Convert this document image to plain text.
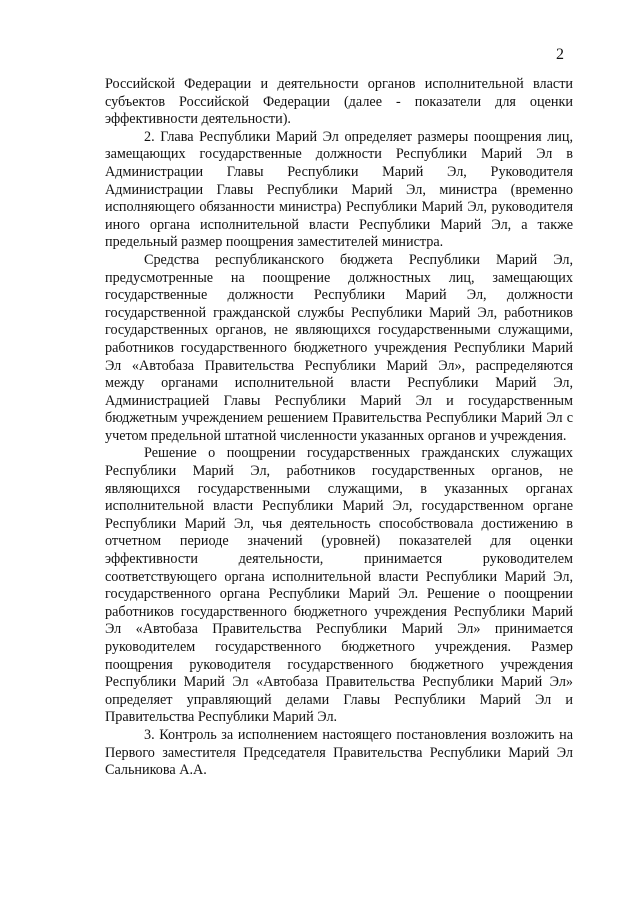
2

Российской Федерации и деятельности органов исполнительной власти субъектов Российской Федерации (далее - показатели для оценки эффективности деятельности).

2. Глава Республики Марий Эл определяет размеры поощрения лиц, замещающих государственные должности Республики Марий Эл в Администрации Главы Республики Марий Эл, Руководителя Администрации Главы Республики Марий Эл, министра (временно исполняющего обязанности министра) Республики Марий Эл, руководителя иного органа исполнительной власти Республики Марий Эл, а также предельный размер поощрения заместителей министра.

Средства республиканского бюджета Республики Марий Эл, предусмотренные на поощрение должностных лиц, замещающих государственные должности Республики Марий Эл, должности государственной гражданской службы Республики Марий Эл, работников государственных органов, не являющихся государственными служащими, работников государственного бюджетного учреждения Республики Марий Эл «Автобаза Правительства Республики Марий Эл», распределяются между органами исполнительной власти Республики Марий Эл, Администрацией Главы Республики Марий Эл и государственным бюджетным учреждением решением Правительства Республики Марий Эл с учетом предельной штатной численности указанных органов и учреждения.

Решение о поощрении государственных гражданских служащих Республики Марий Эл, работников государственных органов, не являющихся государственными служащими, в указанных органах исполнительной власти Республики Марий Эл, государственном органе Республики Марий Эл, чья деятельность способствовала достижению в отчетном периоде значений (уровней) показателей для оценки эффективности деятельности, принимается руководителем соответствующего органа исполнительной власти Республики Марий Эл, государственного органа Республики Марий Эл. Решение о поощрении работников государственного бюджетного учреждения Республики Марий Эл «Автобаза Правительства Республики Марий Эл» принимается руководителем государственного бюджетного учреждения. Размер поощрения руководителя государственного бюджетного учреждения Республики Марий Эл «Автобаза Правительства Республики Марий Эл» определяет управляющий делами Главы Республики Марий Эл и Правительства Республики Марий Эл.

3. Контроль за исполнением настоящего постановления возложить на Первого заместителя Председателя Правительства Республики Марий Эл Сальникова А.А.
